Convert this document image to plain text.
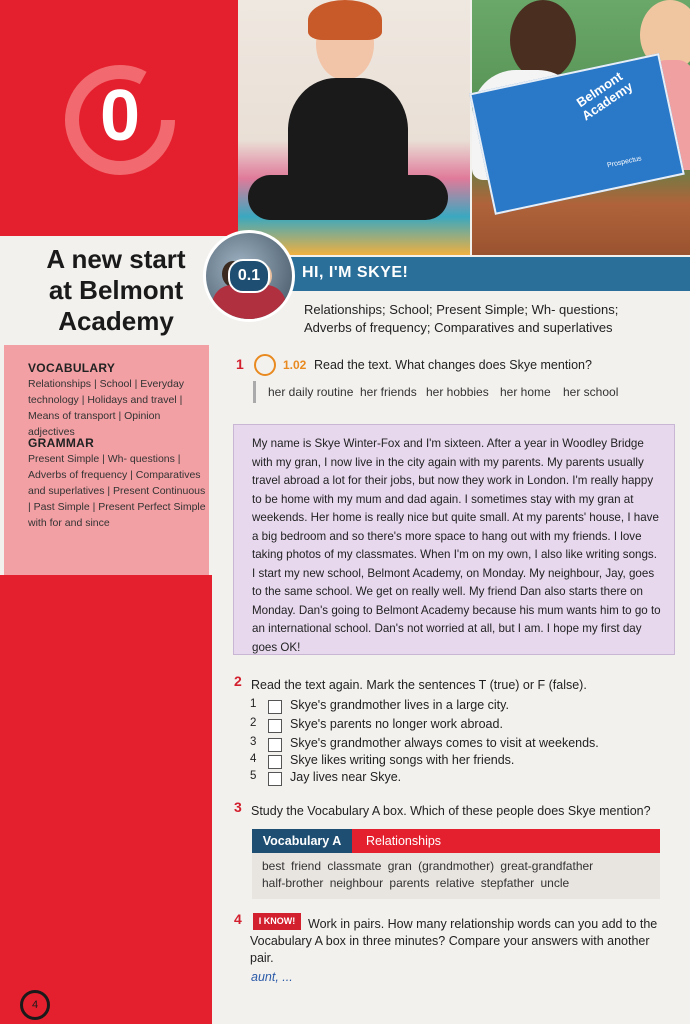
0	Belmont Academy
Prospectus
A new start
at Belmont
Academy
0.1	HI, I'M SKYE!
Relationships; School; Present Simple; Wh- questions;
Adverbs of frequency; Comparatives and superlatives
VOCABULARY
Relationships | School | Everyday technology | Holidays and travel | Means of transport | Opinion adjectives
GRAMMAR
Present Simple | Wh- questions | Adverbs of frequency | Comparatives and superlatives | Present Continuous | Past Simple | Present Perfect Simple with for and since
1	1.02 Read the text. What changes does Skye mention?
her daily routine her friends her hobbies her home her school
My name is Skye Winter-Fox and I'm sixteen. After a year in Woodley Bridge with my gran, I now live in the city again with my parents. My parents usually travel abroad a lot for their jobs, but now they work in London. I'm really happy to be home with my mum and dad again. I sometimes stay with my gran at weekends. Her home is really nice but quite small. At my parents' house, I have a big bedroom and so there's more space to hang out with my friends. I love taking photos of my classmates. When I'm on my own, I also like writing songs. I start my new school, Belmont Academy, on Monday. My neighbour, Jay, goes to the same school. We get on really well. My friend Dan also starts there on Monday. Dan's going to Belmont Academy because his mum wants him to go to an international school. Dan's not worried at all, but I am. I hope my first day goes OK!
2 Read the text again. Mark the sentences T (true) or F (false).
1	Skye's grandmother lives in a large city.
2	Skye's parents no longer work abroad.
3	Skye's grandmother always comes to visit at weekends.
4	Skye likes writing songs with her friends.
5	Jay lives near Skye.
3 Study the Vocabulary A box. Which of these people does Skye mention?
Vocabulary A	Relationships
best friend classmate gran (grandmother) great-grandfather
half-brother neighbour parents relative stepfather uncle
4	Work in pairs. How many relationship words can you add to the Vocabulary A box in three minutes? Compare your answers with another pair.
I KNOW!
aunt, ...
4
